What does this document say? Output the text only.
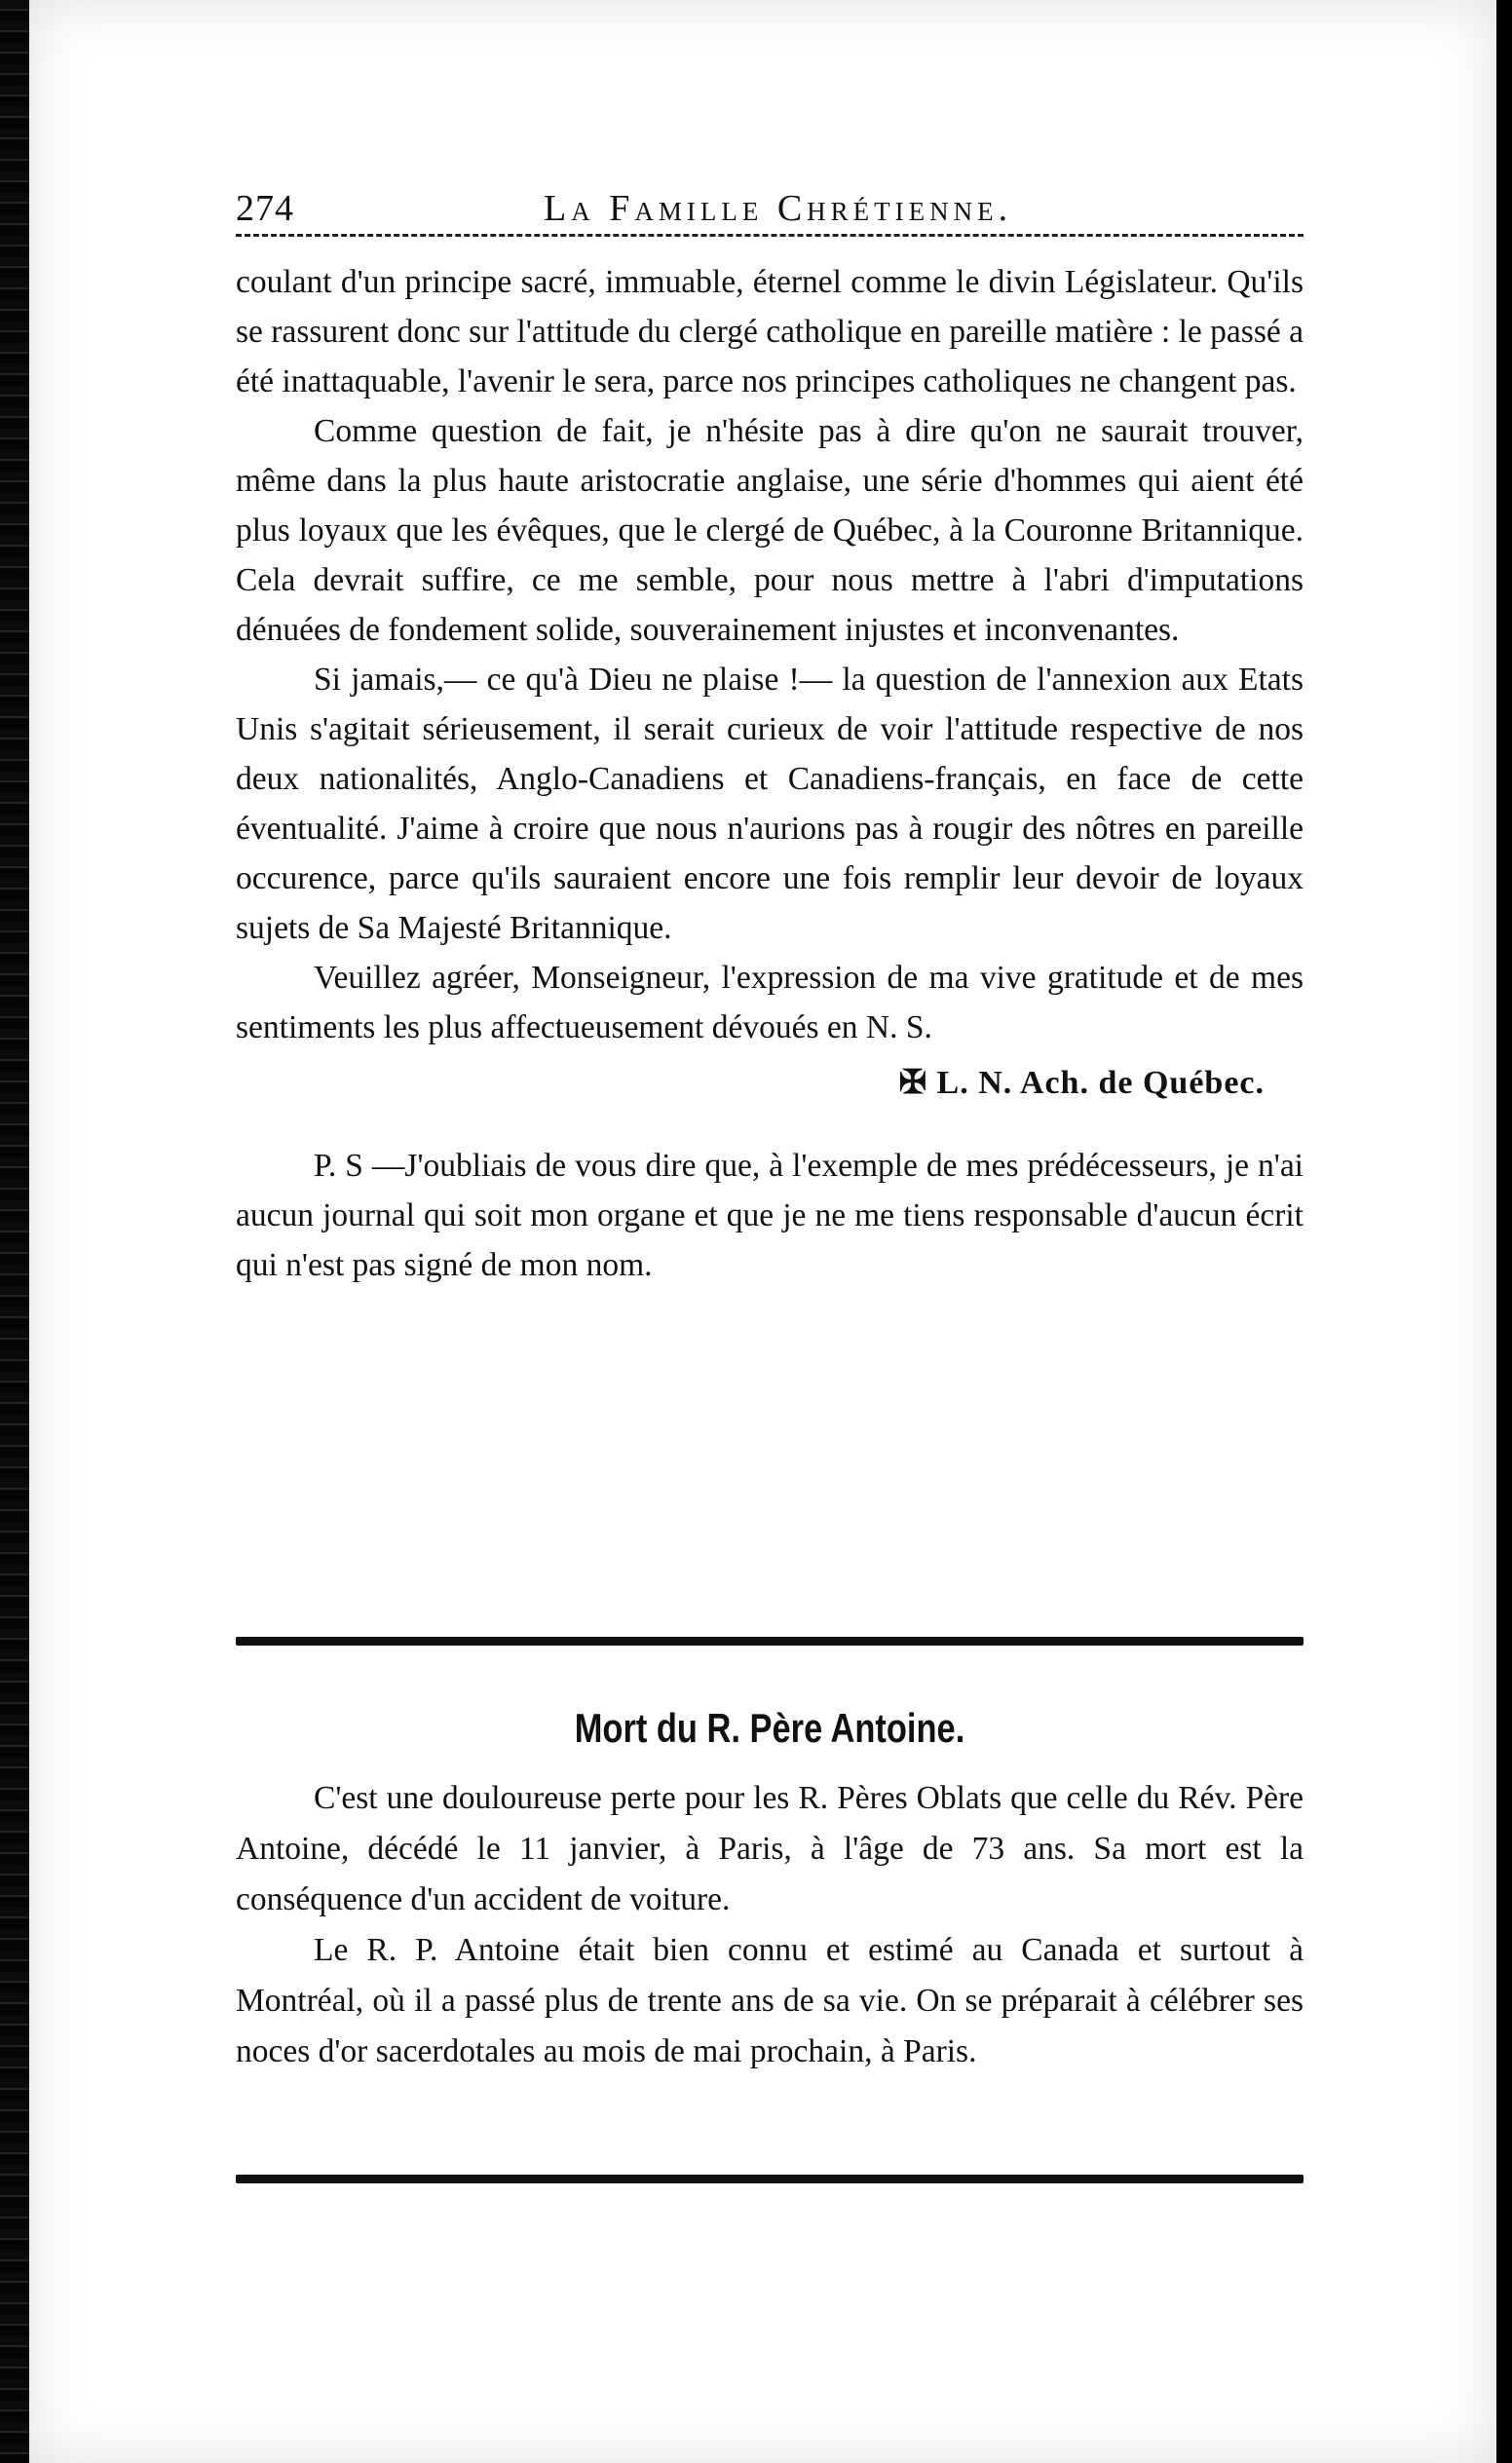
274	La Famille Chrétienne.

coulant d'un principe sacré, immuable, éternel comme le divin Législateur. Qu'ils se rassurent donc sur l'attitude du clergé catholique en pareille matière : le passé a été inattaquable, l'avenir le sera, parce nos principes catholiques ne changent pas.

Comme question de fait, je n'hésite pas à dire qu'on ne saurait trouver, même dans la plus haute aristocratie anglaise, une série d'hommes qui aient été plus loyaux que les évêques, que le clergé de Québec, à la Couronne Britannique. Cela devrait suffire, ce me semble, pour nous mettre à l'abri d'imputations dénuées de fondement solide, souverainement injustes et inconvenantes.

Si jamais,— ce qu'à Dieu ne plaise !— la question de l'annexion aux Etats Unis s'agitait sérieusement, il serait curieux de voir l'attitude respective de nos deux nationalités, Anglo-Canadiens et Canadiens-français, en face de cette éventualité. J'aime à croire que nous n'aurions pas à rougir des nôtres en pareille occurence, parce qu'ils sauraient encore une fois remplir leur devoir de loyaux sujets de Sa Majesté Britannique.

Veuillez agréer, Monseigneur, l'expression de ma vive gratitude et de mes sentiments les plus affectueusement dévoués en N. S.

✠ L. N. Ach. de Québec.

P. S —J'oubliais de vous dire que, à l'exemple de mes prédécesseurs, je n'ai aucun journal qui soit mon organe et que je ne me tiens responsable d'aucun écrit qui n'est pas signé de mon nom.

Mort du R. Père Antoine.

C'est une douloureuse perte pour les R. Pères Oblats que celle du Rév. Père Antoine, décédé le 11 janvier, à Paris, à l'âge de 73 ans. Sa mort est la conséquence d'un accident de voiture.

Le R. P. Antoine était bien connu et estimé au Canada et surtout à Montréal, où il a passé plus de trente ans de sa vie. On se préparait à célébrer ses noces d'or sacerdotales au mois de mai prochain, à Paris.
